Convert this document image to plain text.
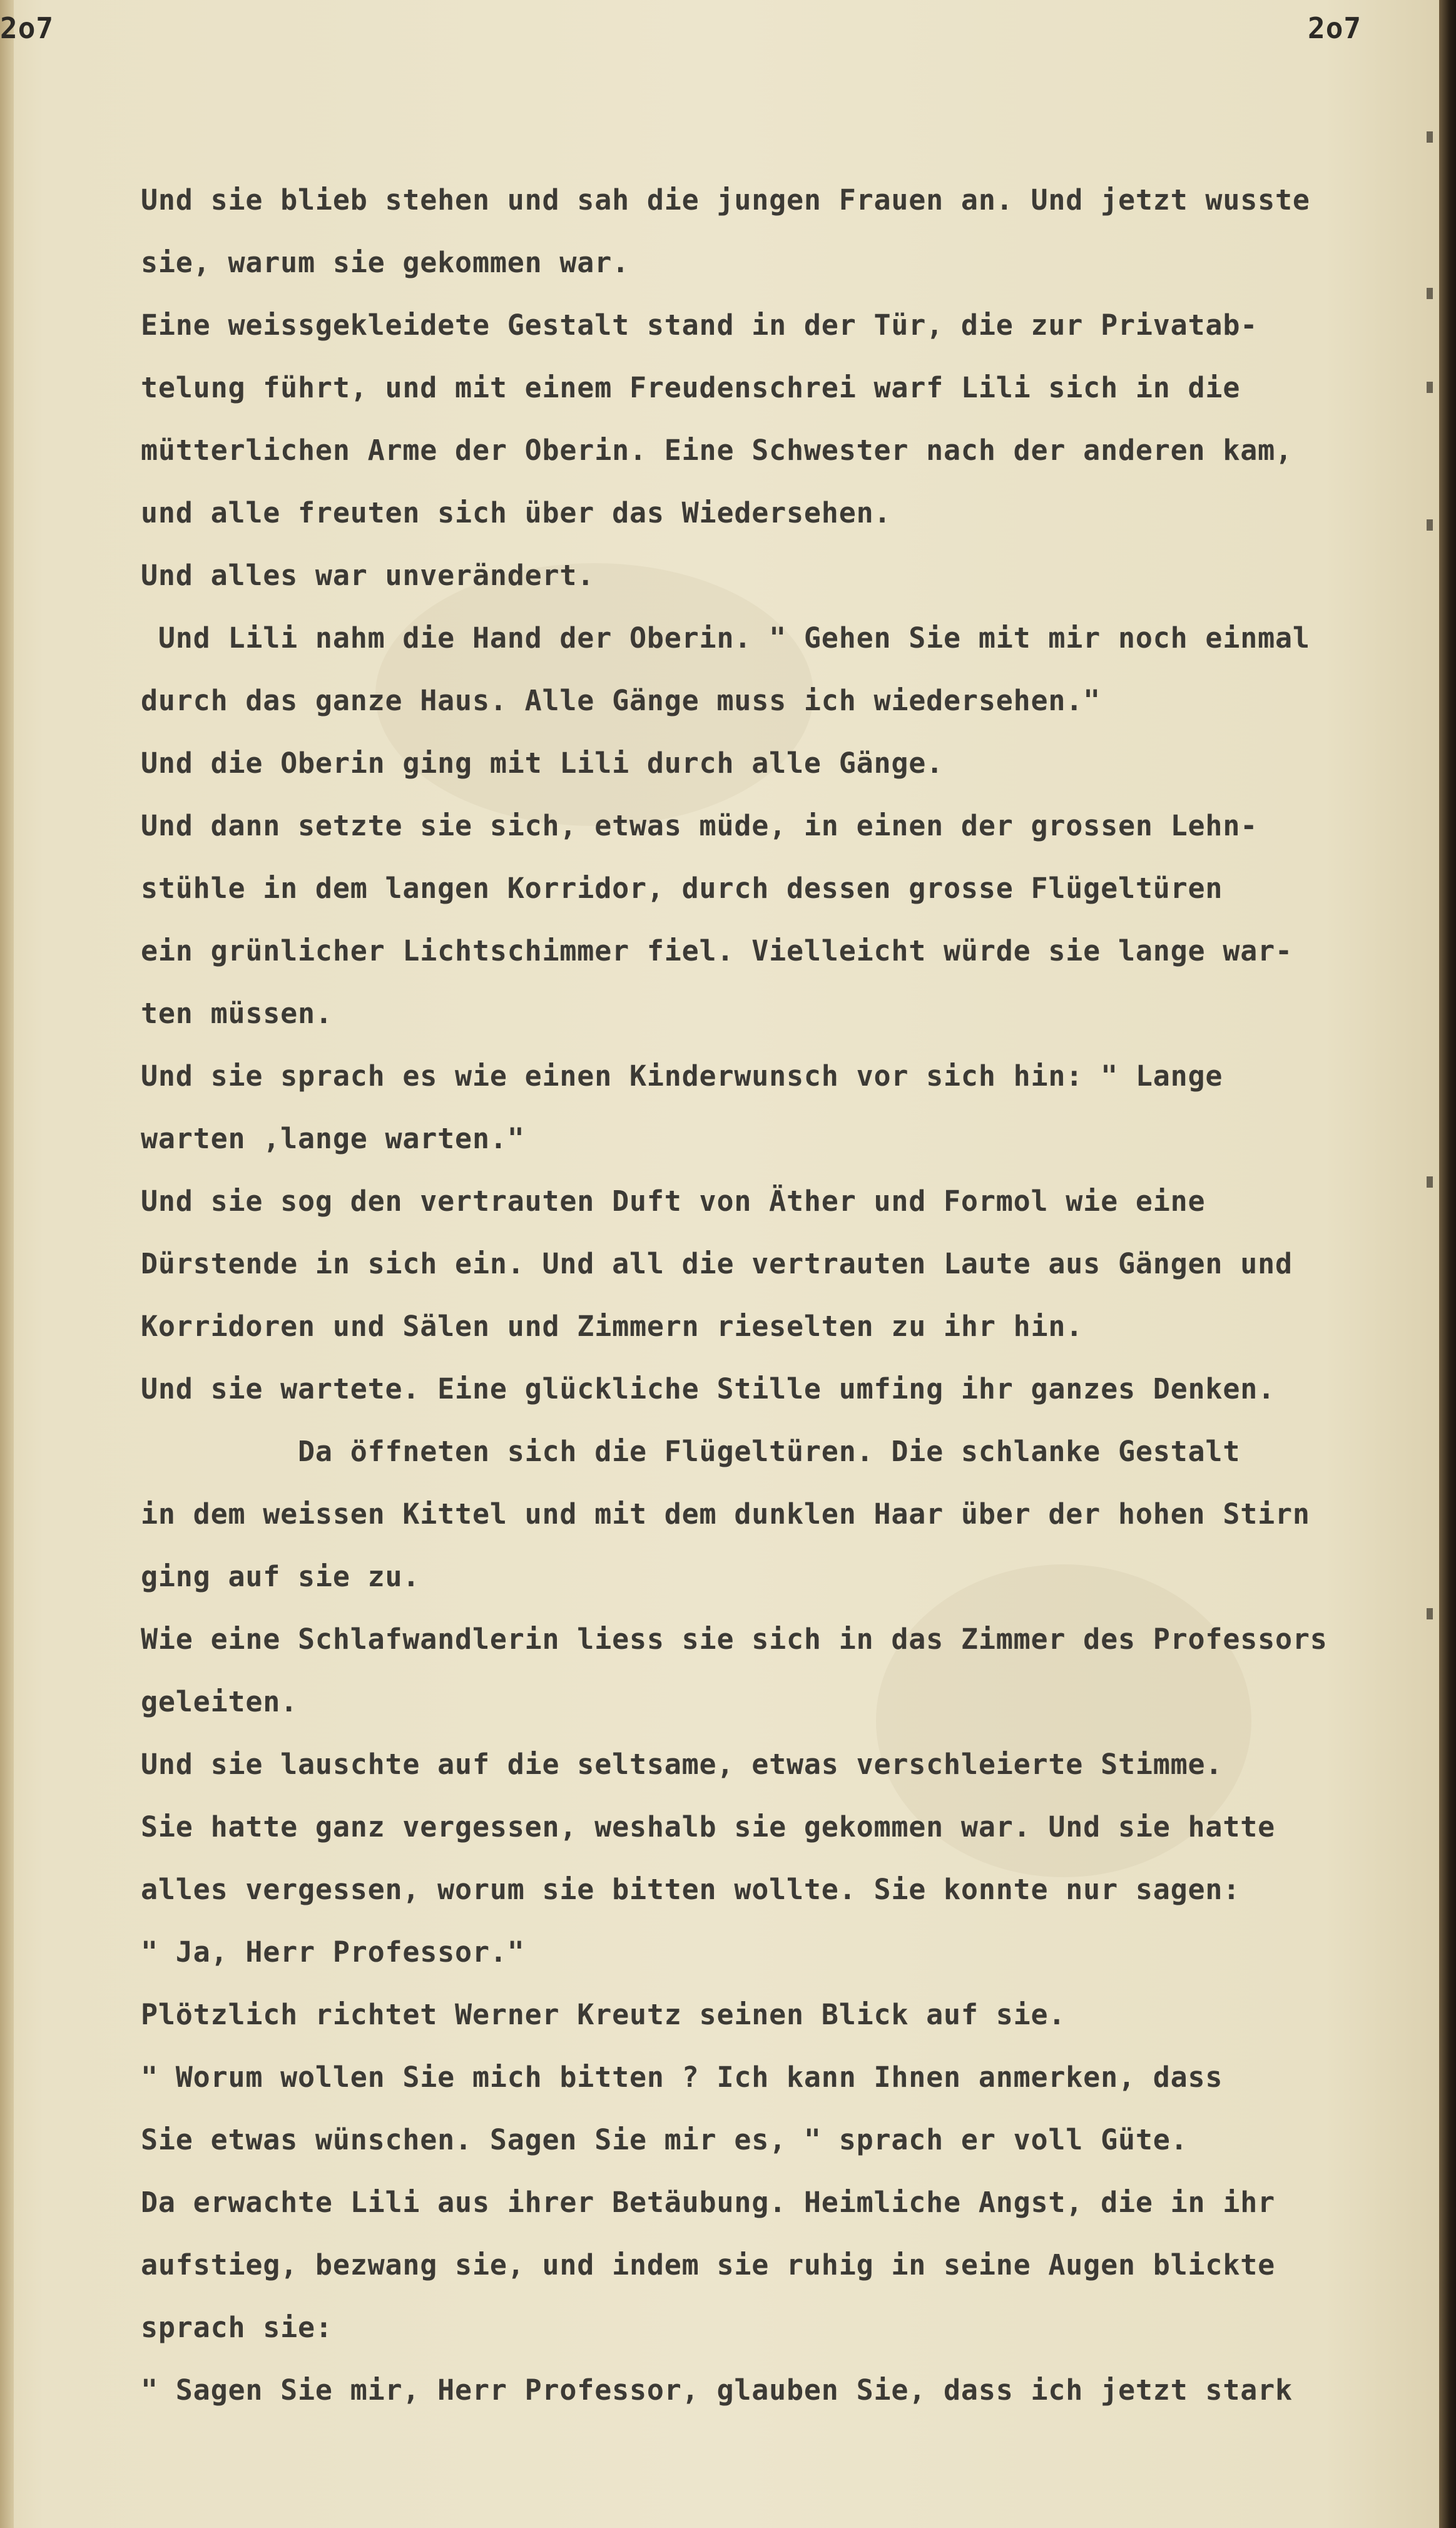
2o7	2o7
Und sie blieb stehen und sah die jungen Frauen an. Und jetzt wusste
sie, warum sie gekommen war.
Eine weissgekleidete Gestalt stand in der Tür, die zur Privatab-
telung führt, und mit einem Freudenschrei warf Lili sich in die
mütterlichen Arme der Oberin. Eine Schwester nach der anderen kam,
und alle freuten sich über das Wiedersehen.
Und alles war unverändert.
Und Lili nahm die Hand der Oberin. " Gehen Sie mit mir noch einmal
durch das ganze Haus. Alle Gänge muss ich wiedersehen."
Und die Oberin ging mit Lili durch alle Gänge.
Und dann setzte sie sich, etwas müde, in einen der grossen Lehn-
stühle in dem langen Korridor, durch dessen grosse Flügeltüren
ein grünlicher Lichtschimmer fiel. Vielleicht würde sie lange war-
ten müssen.
Und sie sprach es wie einen Kinderwunsch vor sich hin: " Lange
warten ,lange warten."
Und sie sog den vertrauten Duft von Äther und Formol wie eine
Dürstende in sich ein. Und all die vertrauten Laute aus Gängen und
Korridoren und Sälen und Zimmern rieselten zu ihr hin.
Und sie wartete. Eine glückliche Stille umfing ihr ganzes Denken.
Da öffneten sich die Flügeltüren. Die schlanke Gestalt
in dem weissen Kittel und mit dem dunklen Haar über der hohen Stirn
ging auf sie zu.
Wie eine Schlafwandlerin liess sie sich in das Zimmer des Professors
geleiten.
Und sie lauschte auf die seltsame, etwas verschleierte Stimme.
Sie hatte ganz vergessen, weshalb sie gekommen war. Und sie hatte
alles vergessen, worum sie bitten wollte. Sie konnte nur sagen:
" Ja, Herr Professor."
Plötzlich richtet Werner Kreutz seinen Blick auf sie.
" Worum wollen Sie mich bitten ? Ich kann Ihnen anmerken, dass
Sie etwas wünschen. Sagen Sie mir es, " sprach er voll Güte.
Da erwachte Lili aus ihrer Betäubung. Heimliche Angst, die in ihr
aufstieg, bezwang sie, und indem sie ruhig in seine Augen blickte
sprach sie:
" Sagen Sie mir, Herr Professor, glauben Sie, dass ich jetzt stark
